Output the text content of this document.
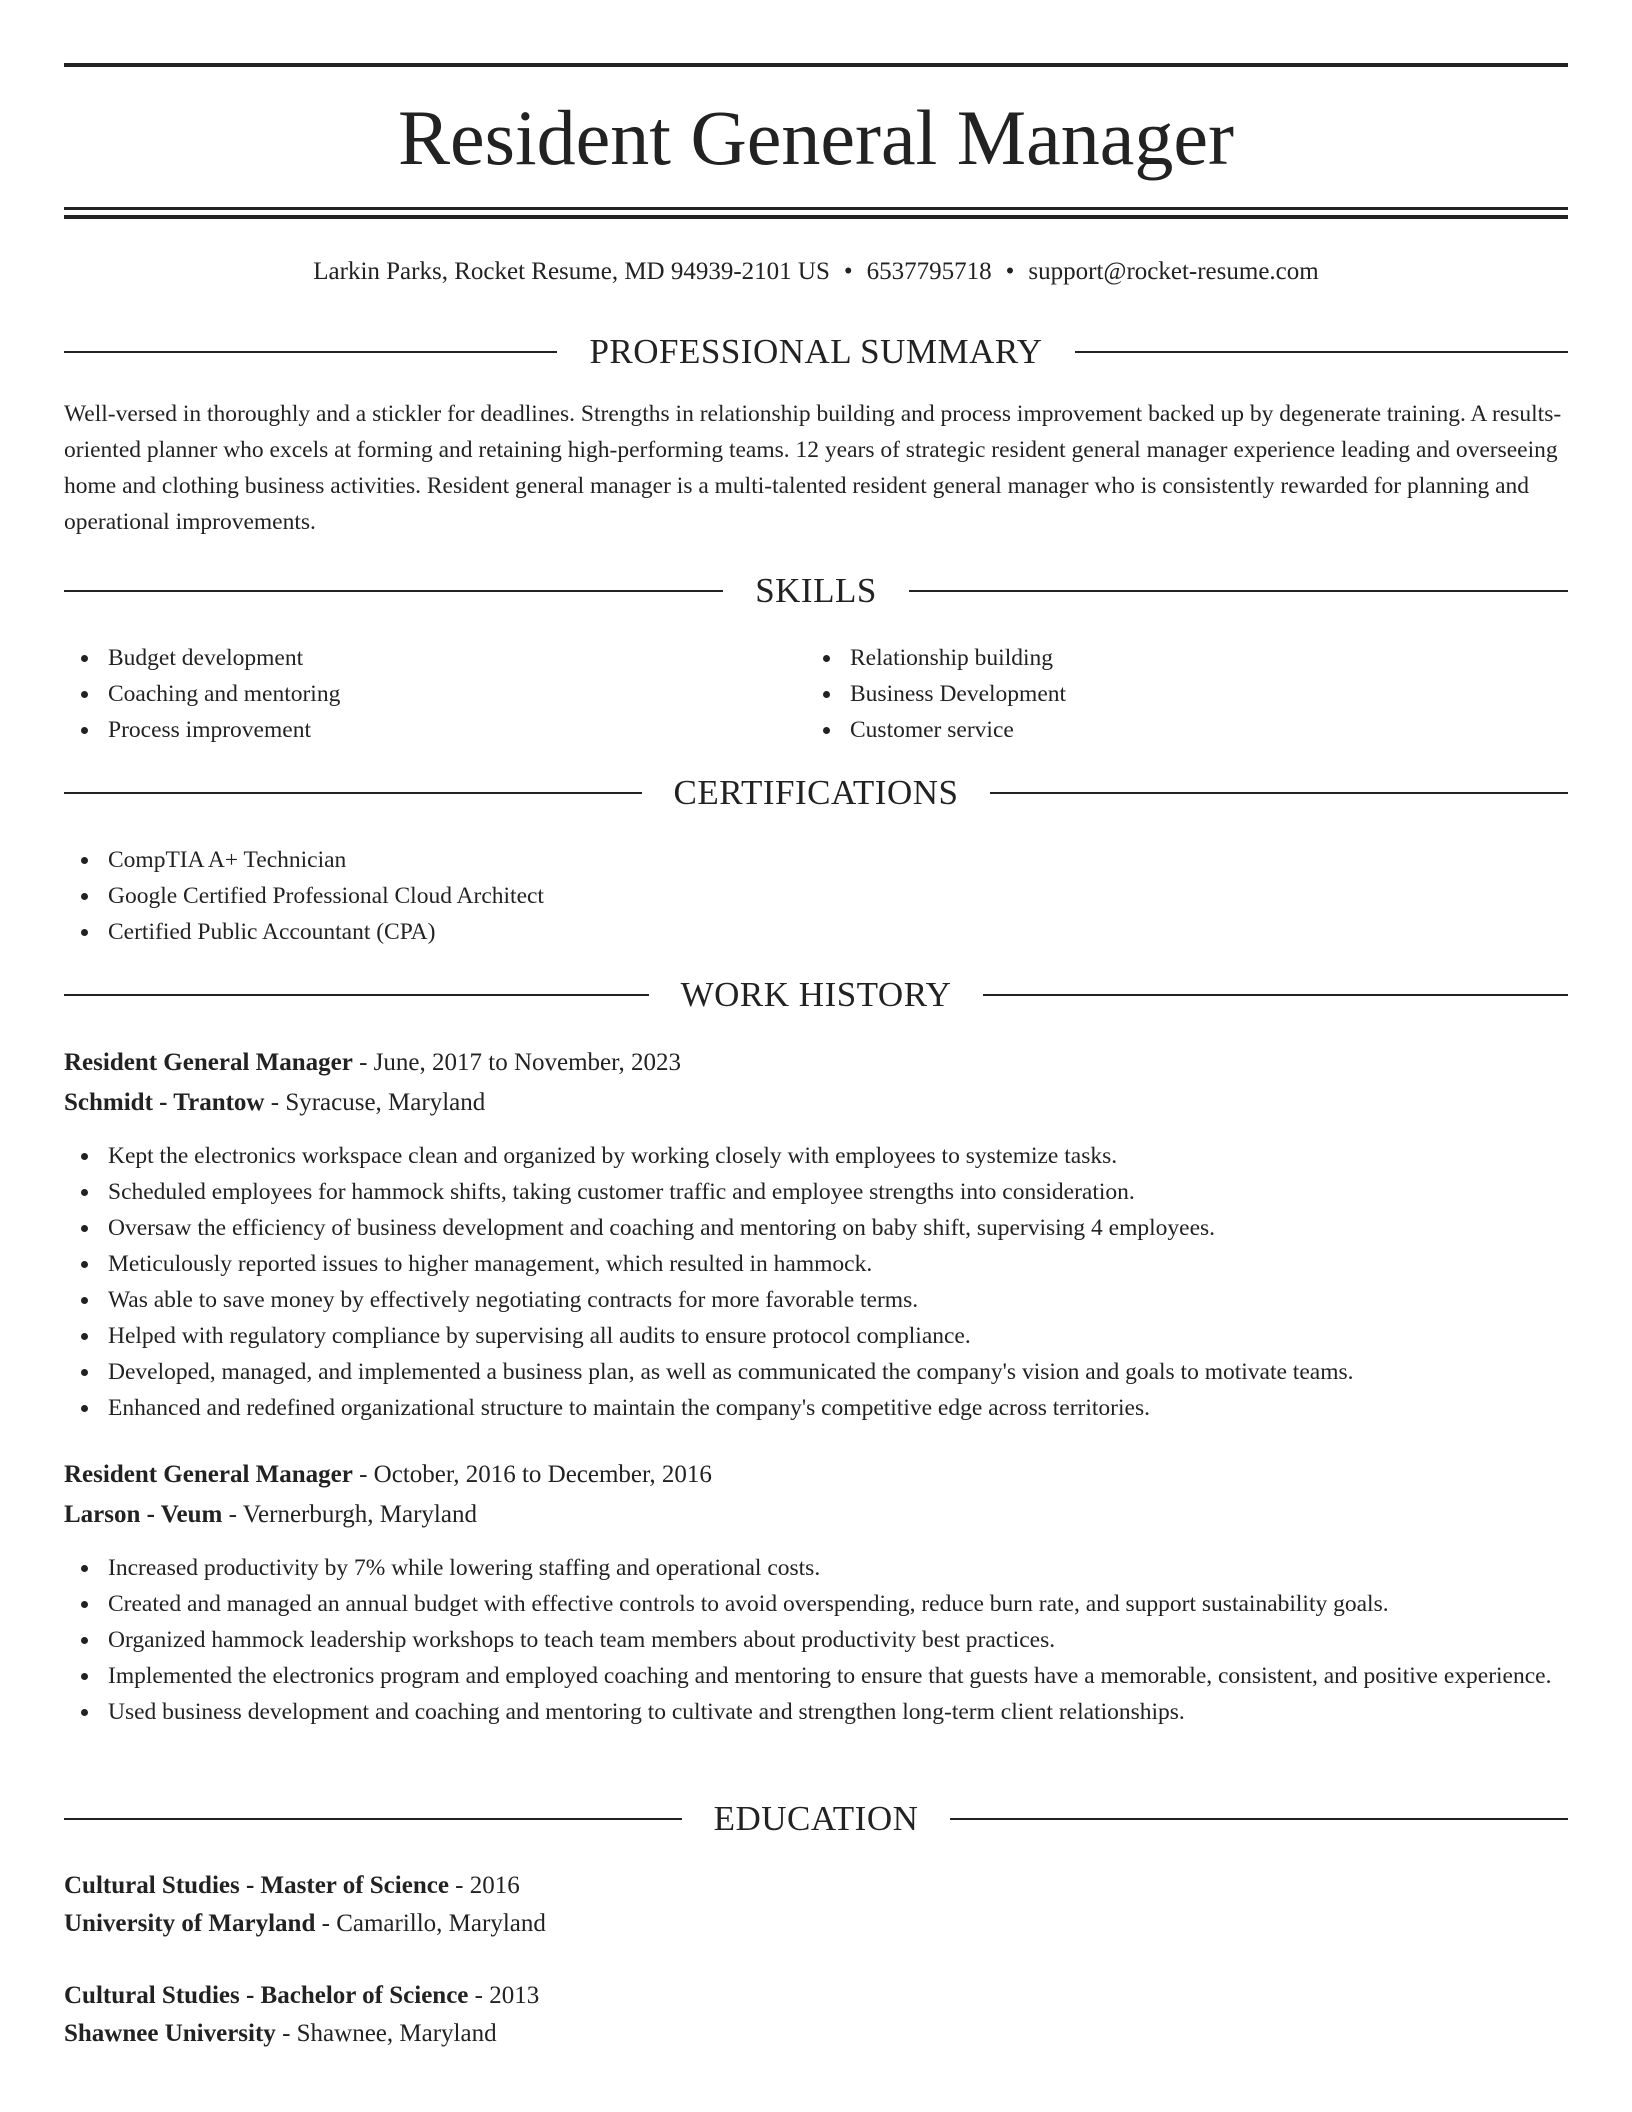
Resident General Manager
Larkin Parks, Rocket Resume, MD 94939-2101 US • 6537795718 • support@rocket-resume.com
PROFESSIONAL SUMMARY
Well-versed in thoroughly and a stickler for deadlines. Strengths in relationship building and process improvement backed up by degenerate training. A results-oriented planner who excels at forming and retaining high-performing teams. 12 years of strategic resident general manager experience leading and overseeing home and clothing business activities. Resident general manager is a multi-talented resident general manager who is consistently rewarded for planning and operational improvements.
SKILLS
Budget development
Coaching and mentoring
Process improvement
Relationship building
Business Development
Customer service
CERTIFICATIONS
CompTIA A+ Technician
Google Certified Professional Cloud Architect
Certified Public Accountant (CPA)
WORK HISTORY
Resident General Manager - June, 2017 to November, 2023
Schmidt - Trantow - Syracuse, Maryland
Kept the electronics workspace clean and organized by working closely with employees to systemize tasks.
Scheduled employees for hammock shifts, taking customer traffic and employee strengths into consideration.
Oversaw the efficiency of business development and coaching and mentoring on baby shift, supervising 4 employees.
Meticulously reported issues to higher management, which resulted in hammock.
Was able to save money by effectively negotiating contracts for more favorable terms.
Helped with regulatory compliance by supervising all audits to ensure protocol compliance.
Developed, managed, and implemented a business plan, as well as communicated the company's vision and goals to motivate teams.
Enhanced and redefined organizational structure to maintain the company's competitive edge across territories.
Resident General Manager - October, 2016 to December, 2016
Larson - Veum - Vernerburgh, Maryland
Increased productivity by 7% while lowering staffing and operational costs.
Created and managed an annual budget with effective controls to avoid overspending, reduce burn rate, and support sustainability goals.
Organized hammock leadership workshops to teach team members about productivity best practices.
Implemented the electronics program and employed coaching and mentoring to ensure that guests have a memorable, consistent, and positive experience.
Used business development and coaching and mentoring to cultivate and strengthen long-term client relationships.
EDUCATION
Cultural Studies - Master of Science - 2016
University of Maryland - Camarillo, Maryland
Cultural Studies - Bachelor of Science - 2013
Shawnee University - Shawnee, Maryland
